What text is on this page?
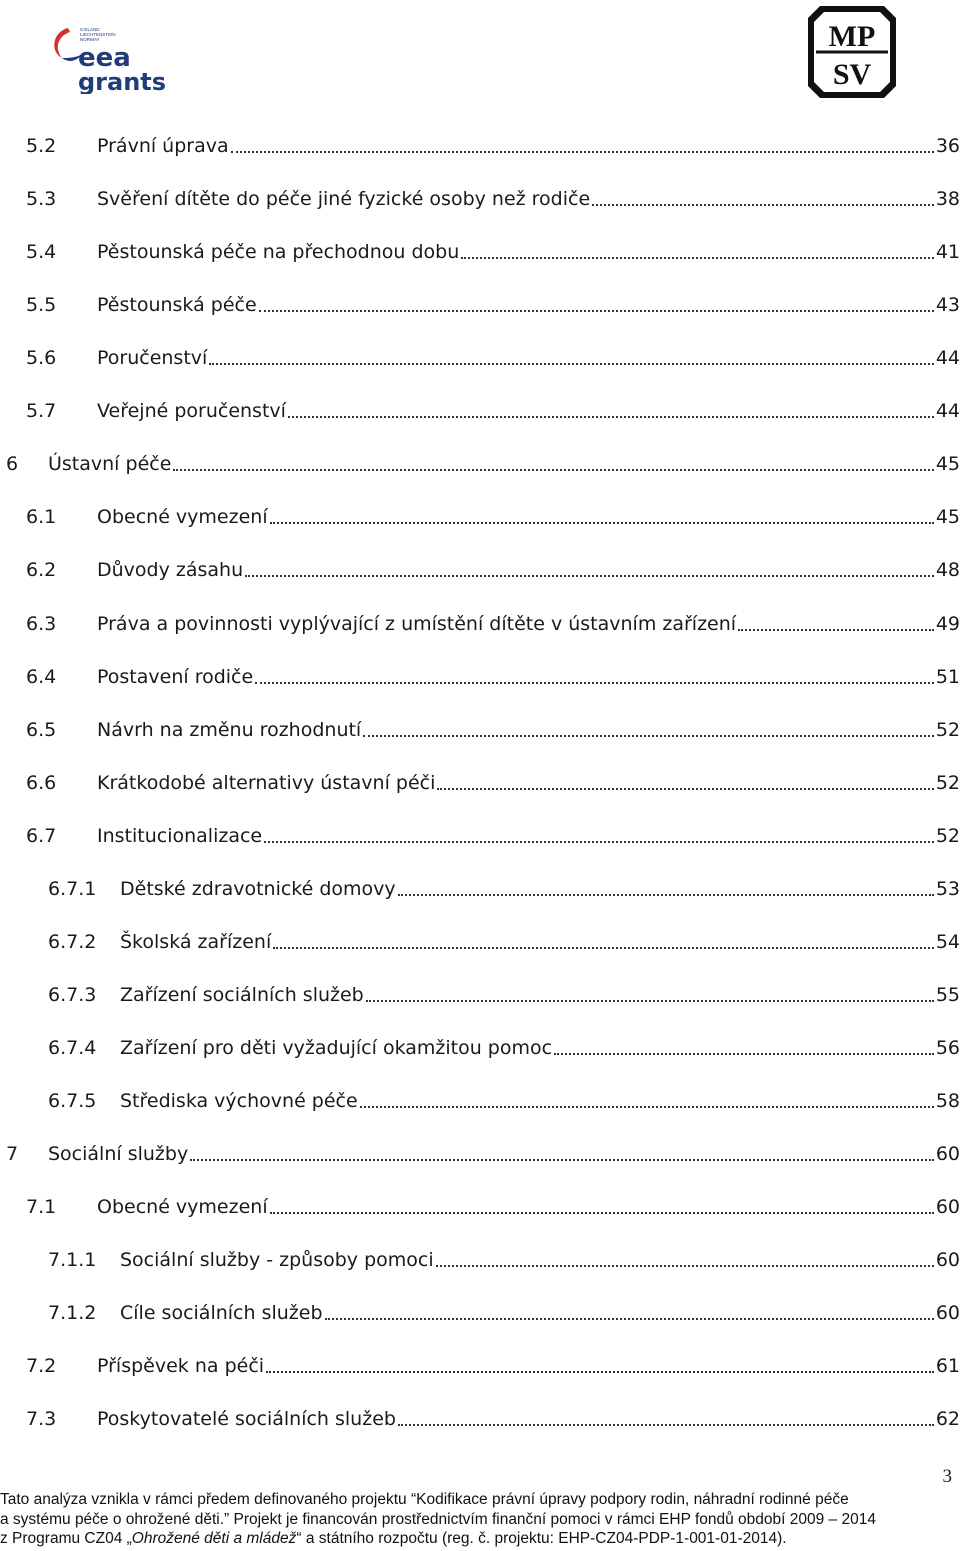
ICELAND
LIECHTENSTEIN
NORWAY
eea
grants
MP
SV
5.2 Právní úprava	36
5.3 Svěření dítěte do péče jiné fyzické osoby než rodiče	38
5.4 Pěstounská péče na přechodnou dobu	41
5.5 Pěstounská péče	43
5.6 Poručenství	44
5.7 Veřejné poručenství	44
6 Ústavní péče	45
6.1 Obecné vymezení	45
6.2 Důvody zásahu	48
6.3 Práva a povinnosti vyplývající z umístění dítěte v ústavním zařízení	49
6.4 Postavení rodiče	51
6.5 Návrh na změnu rozhodnutí	52
6.6 Krátkodobé alternativy ústavní péči	52
6.7 Institucionalizace	52
6.7.1 Dětské zdravotnické domovy	53
6.7.2 Školská zařízení	54
6.7.3 Zařízení sociálních služeb	55
6.7.4 Zařízení pro děti vyžadující okamžitou pomoc	56
6.7.5 Střediska výchovné péče	58
7 Sociální služby	60
7.1 Obecné vymezení	60
7.1.1 Sociální služby - způsoby pomoci	60
7.1.2 Cíle sociálních služeb	60
7.2 Příspěvek na péči	61
7.3 Poskytovatelé sociálních služeb	62
3
Tato analýza vznikla v rámci předem definovaného projektu “Kodifikace právní úpravy podpory rodin, náhradní rodinné péče
a systému péče o ohrožené děti.” Projekt je financován prostřednictvím finanční pomoci v rámci EHP fondů období 2009 – 2014
z Programu CZ04 „Ohrožené děti a mládež“ a státního rozpočtu (reg. č. projektu: EHP-CZ04-PDP-1-001-01-2014).
